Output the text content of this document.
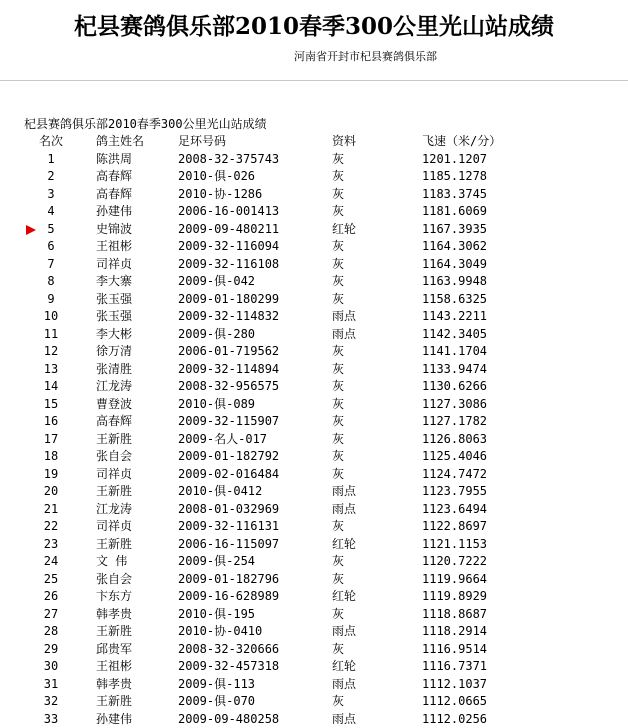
杞县赛鸽俱乐部2010春季300公里光山站成绩
河南省开封市杞县赛鸽俱乐部
杞县赛鸽俱乐部2010春季300公里光山站成绩
名次	鸽主姓名	足环号码	资料	飞速（米/分）
1	陈洪周	2008-32-375743	灰	1201.1207
2	高春辉	2010-俱-026	灰	1185.1278
3	高春辉	2010-协-1286	灰	1183.3745
4	孙建伟	2006-16-001413	灰	1181.6069
5	史锦波	2009-09-480211	红轮	1167.3935
6	王祖彬	2009-32-116094	灰	1164.3062
7	司祥贞	2009-32-116108	灰	1164.3049
8	李大寨	2009-俱-042	灰	1163.9948
9	张玉强	2009-01-180299	灰	1158.6325
10	张玉强	2009-32-114832	雨点	1143.2211
11	李大彬	2009-俱-280	雨点	1142.3405
12	徐万清	2006-01-719562	灰	1141.1704
13	张清胜	2009-32-114894	灰	1133.9474
14	江龙涛	2008-32-956575	灰	1130.6266
15	曹登波	2010-俱-089	灰	1127.3086
16	高春辉	2009-32-115907	灰	1127.1782
17	王新胜	2009-名人-017	灰	1126.8063
18	张自会	2009-01-182792	灰	1125.4046
19	司祥贞	2009-02-016484	灰	1124.7472
20	王新胜	2010-俱-0412	雨点	1123.7955
21	江龙涛	2008-01-032969	雨点	1123.6494
22	司祥贞	2009-32-116131	灰	1122.8697
23	王新胜	2006-16-115097	红轮	1121.1153
24	文 伟	2009-俱-254	灰	1120.7222
25	张自会	2009-01-182796	灰	1119.9664
26	卞东方	2009-16-628989	红轮	1119.8929
27	韩孝贵	2010-俱-195	灰	1118.8687
28	王新胜	2010-协-0410	雨点	1118.2914
29	邱贵军	2008-32-320666	灰	1116.9514
30	王祖彬	2009-32-457318	红轮	1116.7371
31	韩孝贵	2009-俱-113	雨点	1112.1037
32	王新胜	2009-俱-070	灰	1112.0665
33	孙建伟	2009-09-480258	雨点	1112.0256
